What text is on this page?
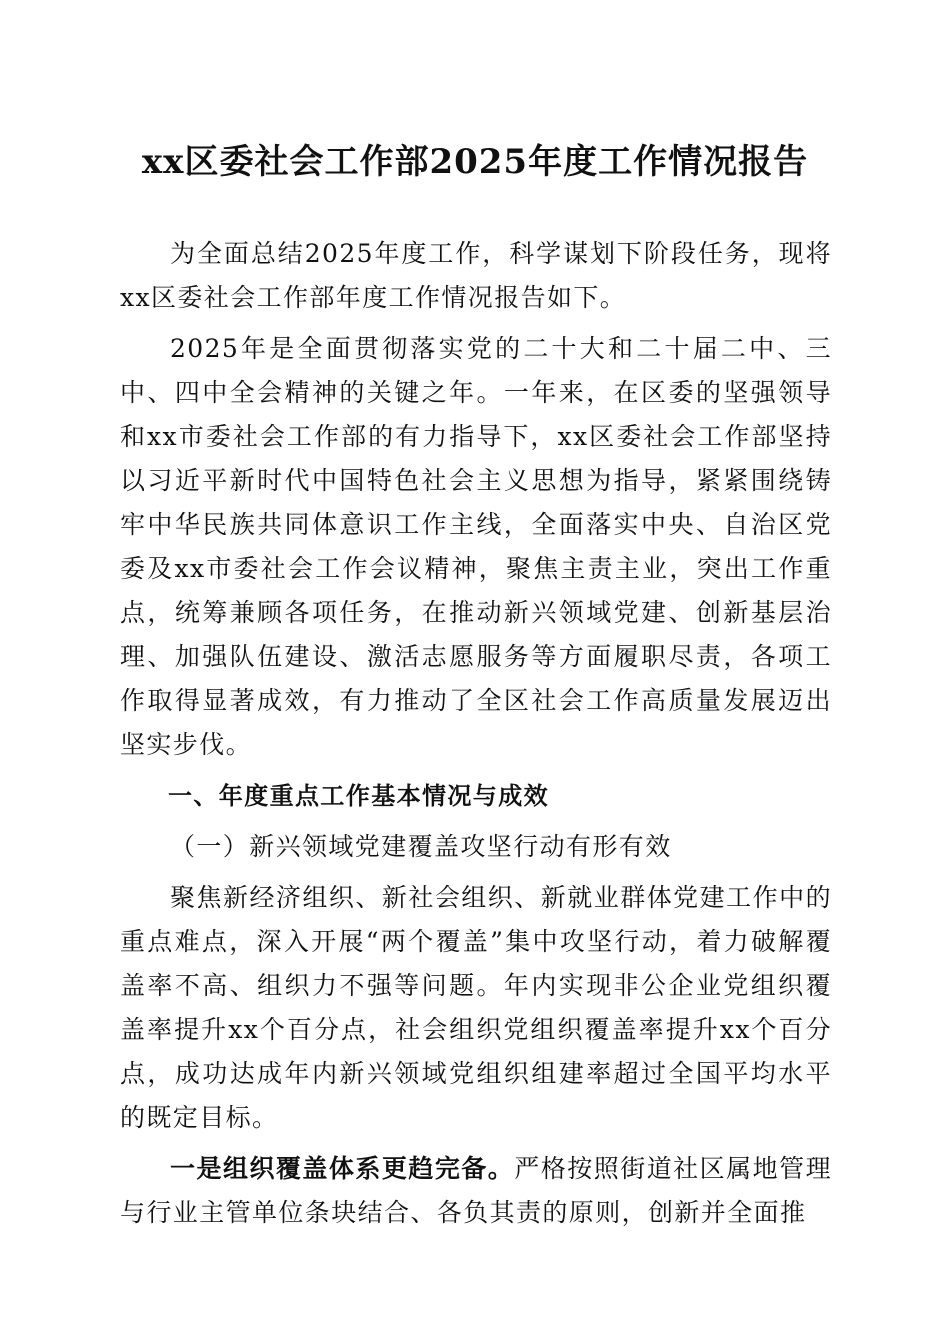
xx区委社会工作部2025年度工作情况报告

为全面总结2025年度工作，科学谋划下阶段任务，现将xx区委社会工作部年度工作情况报告如下。

2025年是全面贯彻落实党的二十大和二十届二中、三中、四中全会精神的关键之年。一年来，在区委的坚强领导和xx市委社会工作部的有力指导下，xx区委社会工作部坚持以习近平新时代中国特色社会主义思想为指导，紧紧围绕铸牢中华民族共同体意识工作主线，全面落实中央、自治区党委及xx市委社会工作会议精神，聚焦主责主业，突出工作重点，统筹兼顾各项任务，在推动新兴领域党建、创新基层治理、加强队伍建设、激活志愿服务等方面履职尽责，各项工作取得显著成效，有力推动了全区社会工作高质量发展迈出坚实步伐。

一、年度重点工作基本情况与成效

（一）新兴领域党建覆盖攻坚行动有形有效

聚焦新经济组织、新社会组织、新就业群体党建工作中的重点难点，深入开展“两个覆盖”集中攻坚行动，着力破解覆盖率不高、组织力不强等问题。年内实现非公企业党组织覆盖率提升xx个百分点，社会组织党组织覆盖率提升xx个百分点，成功达成年内新兴领域党组织组建率超过全国平均水平的既定目标。

一是组织覆盖体系更趋完备。严格按照街道社区属地管理与行业主管单位条块结合、各负其责的原则，创新并全面推
